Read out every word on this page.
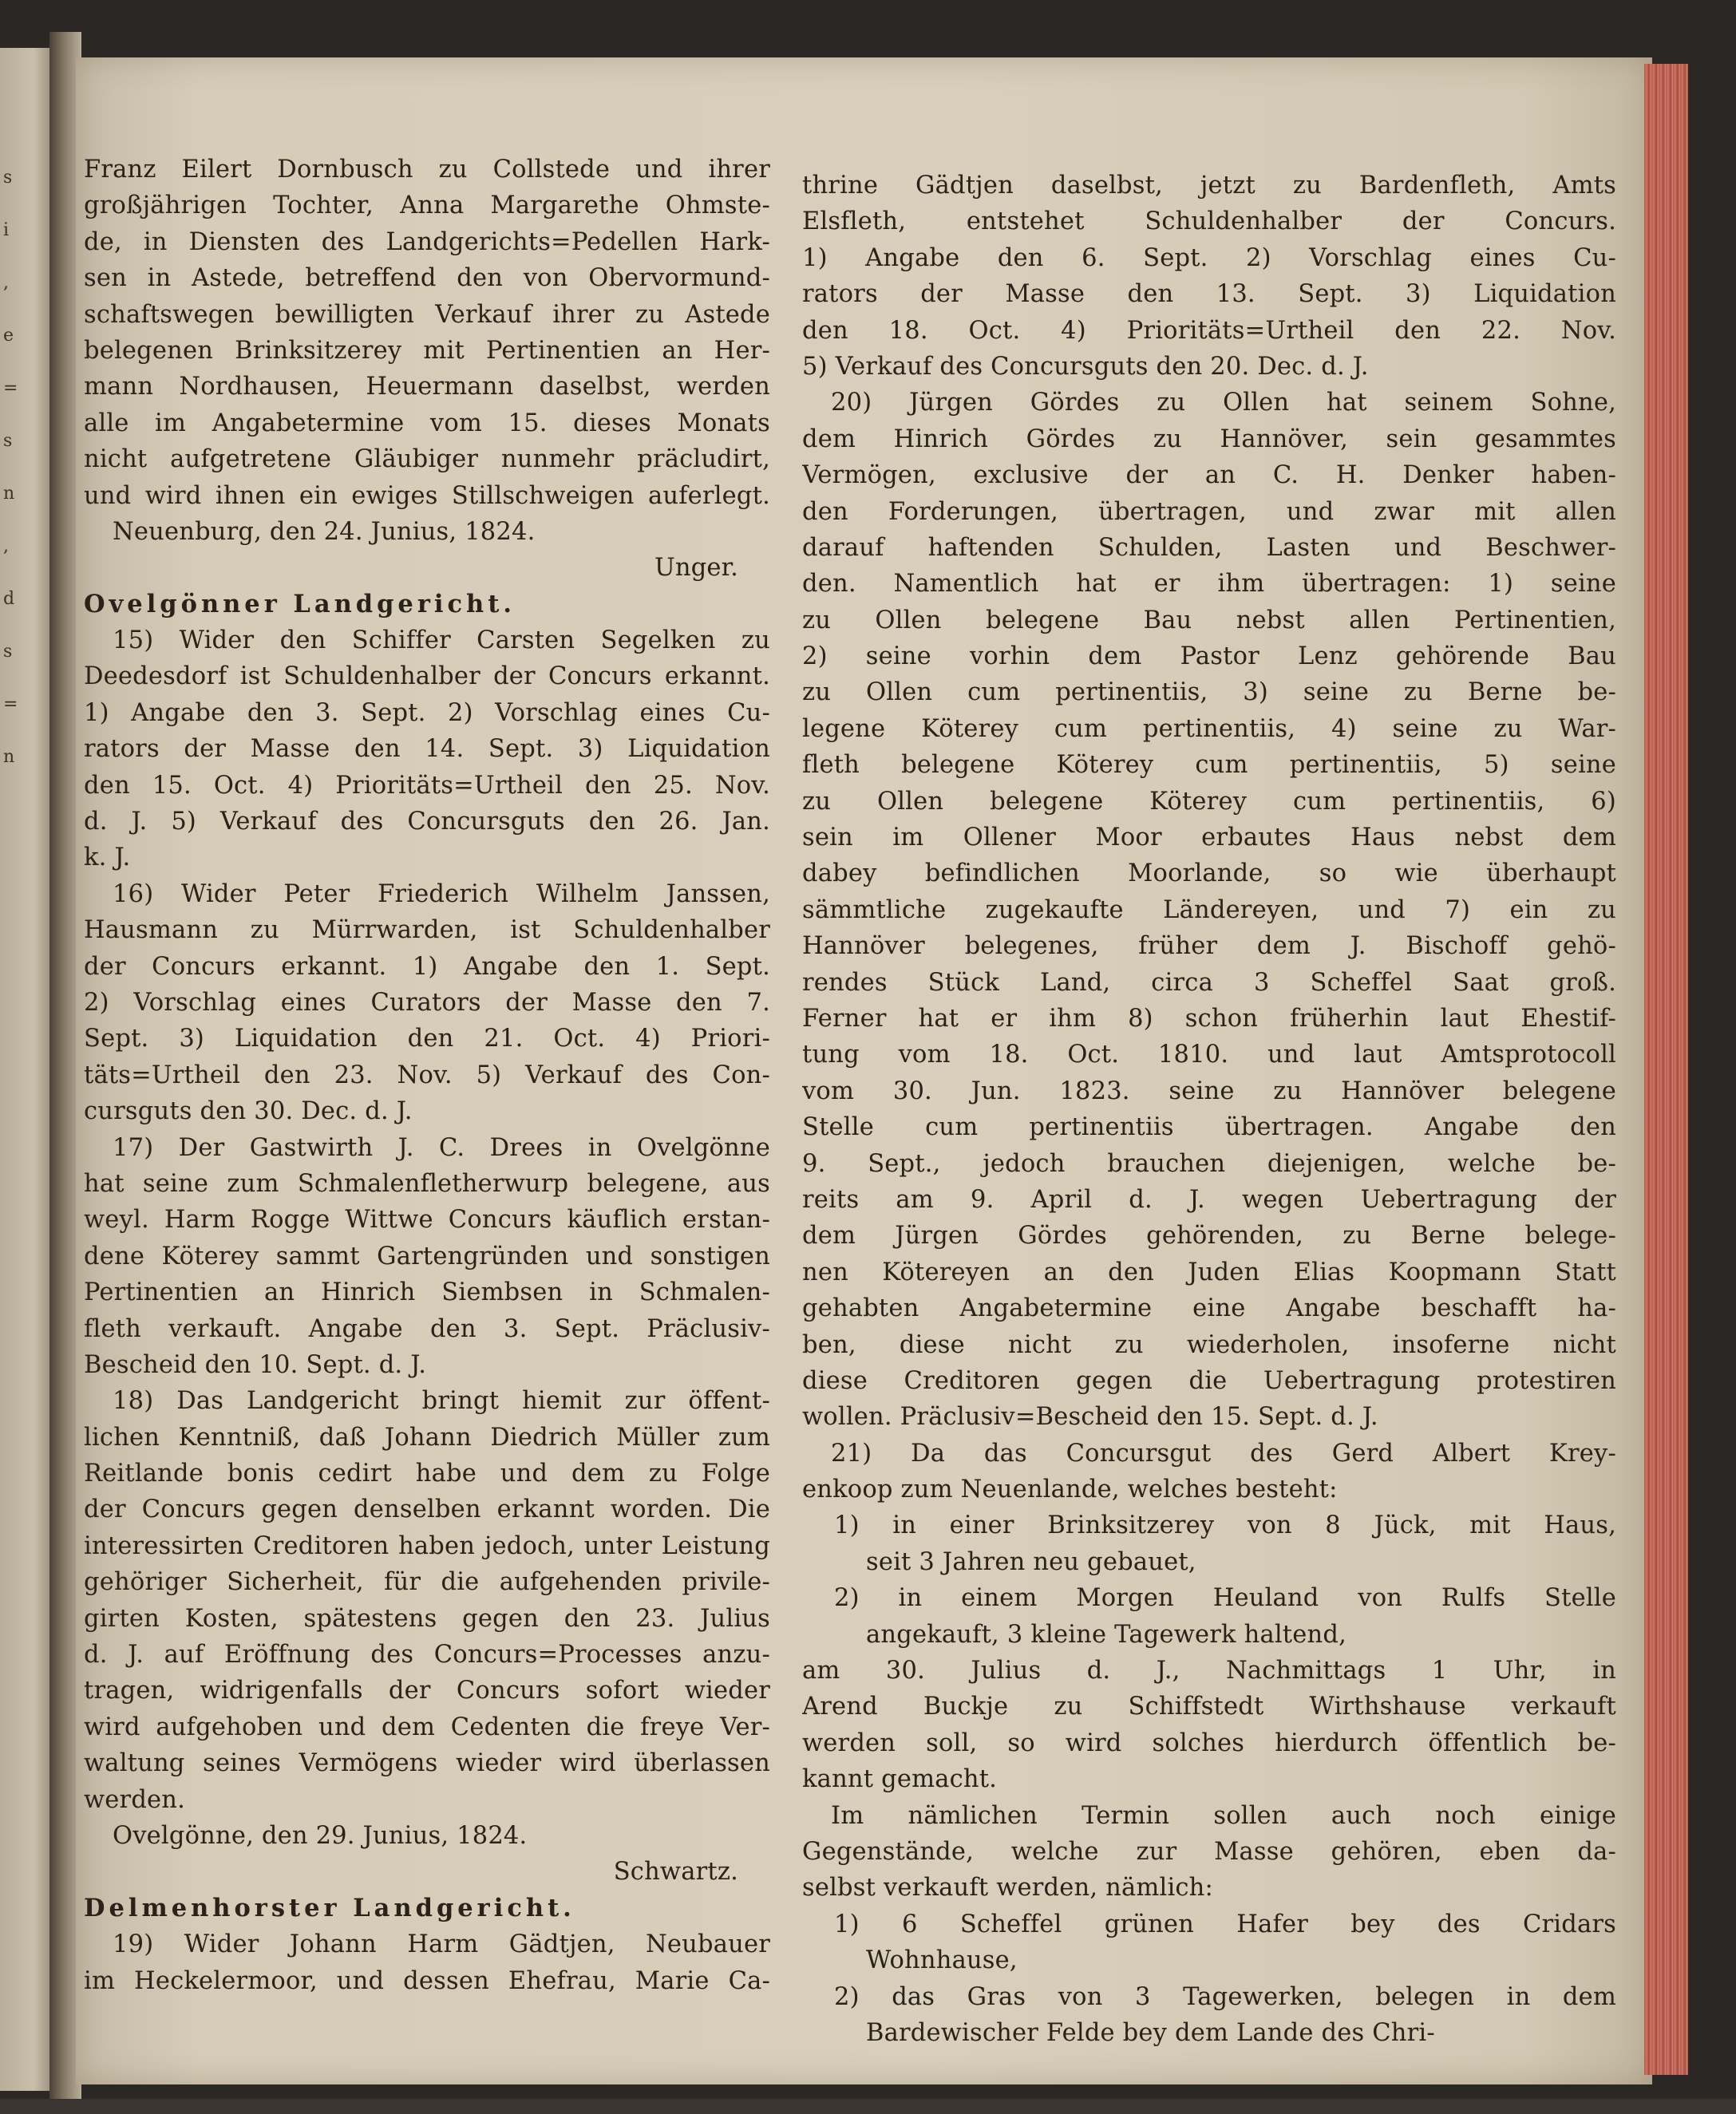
s
i
,
e
=
s
n
,
d
s
=
n
Franz Eilert Dornbusch zu Collstede und ihrer
großjährigen Tochter, Anna Margarethe Ohmste-
de, in Diensten des Landgerichts=Pedellen Hark-
sen in Astede, betreffend den von Obervormund-
schaftswegen bewilligten Verkauf ihrer zu Astede
belegenen Brinksitzerey mit Pertinentien an Her-
mann Nordhausen, Heuermann daselbst, werden
alle im Angabetermine vom 15. dieses Monats
nicht aufgetretene Gläubiger nunmehr präcludirt,
und wird ihnen ein ewiges Stillschweigen auferlegt.
Neuenburg, den 24. Junius, 1824.
Unger.
Ovelgönner Landgericht.
15) Wider den Schiffer Carsten Segelken zu
Deedesdorf ist Schuldenhalber der Concurs erkannt.
1) Angabe den 3. Sept. 2) Vorschlag eines Cu-
rators der Masse den 14. Sept. 3) Liquidation
den 15. Oct. 4) Prioritäts=Urtheil den 25. Nov.
d. J. 5) Verkauf des Concursguts den 26. Jan.
k. J.
16) Wider Peter Friederich Wilhelm Janssen,
Hausmann zu Mürrwarden, ist Schuldenhalber
der Concurs erkannt. 1) Angabe den 1. Sept.
2) Vorschlag eines Curators der Masse den 7.
Sept. 3) Liquidation den 21. Oct. 4) Priori-
täts=Urtheil den 23. Nov. 5) Verkauf des Con-
cursguts den 30. Dec. d. J.
17) Der Gastwirth J. C. Drees in Ovelgönne
hat seine zum Schmalenfletherwurp belegene, aus
weyl. Harm Rogge Wittwe Concurs käuflich erstan-
dene Köterey sammt Gartengründen und sonstigen
Pertinentien an Hinrich Siembsen in Schmalen-
fleth verkauft. Angabe den 3. Sept. Präclusiv-
Bescheid den 10. Sept. d. J.
18) Das Landgericht bringt hiemit zur öffent-
lichen Kenntniß, daß Johann Diedrich Müller zum
Reitlande bonis cedirt habe und dem zu Folge
der Concurs gegen denselben erkannt worden. Die
interessirten Creditoren haben jedoch, unter Leistung
gehöriger Sicherheit, für die aufgehenden privile-
girten Kosten, spätestens gegen den 23. Julius
d. J. auf Eröffnung des Concurs=Processes anzu-
tragen, widrigenfalls der Concurs sofort wieder
wird aufgehoben und dem Cedenten die freye Ver-
waltung seines Vermögens wieder wird überlassen
werden.
Ovelgönne, den 29. Junius, 1824.
Schwartz.
Delmenhorster Landgericht.
19) Wider Johann Harm Gädtjen, Neubauer
im Heckelermoor, und dessen Ehefrau, Marie Ca-
thrine Gädtjen daselbst, jetzt zu Bardenfleth, Amts
Elsfleth, entstehet Schuldenhalber der Concurs.
1) Angabe den 6. Sept. 2) Vorschlag eines Cu-
rators der Masse den 13. Sept. 3) Liquidation
den 18. Oct. 4) Prioritäts=Urtheil den 22. Nov.
5) Verkauf des Concursguts den 20. Dec. d. J.
20) Jürgen Gördes zu Ollen hat seinem Sohne,
dem Hinrich Gördes zu Hannöver, sein gesammtes
Vermögen, exclusive der an C. H. Denker haben-
den Forderungen, übertragen, und zwar mit allen
darauf haftenden Schulden, Lasten und Beschwer-
den. Namentlich hat er ihm übertragen: 1) seine
zu Ollen belegene Bau nebst allen Pertinentien,
2) seine vorhin dem Pastor Lenz gehörende Bau
zu Ollen cum pertinentiis, 3) seine zu Berne be-
legene Köterey cum pertinentiis, 4) seine zu War-
fleth belegene Köterey cum pertinentiis, 5) seine
zu Ollen belegene Köterey cum pertinentiis, 6)
sein im Ollener Moor erbautes Haus nebst dem
dabey befindlichen Moorlande, so wie überhaupt
sämmtliche zugekaufte Ländereyen, und 7) ein zu
Hannöver belegenes, früher dem J. Bischoff gehö-
rendes Stück Land, circa 3 Scheffel Saat groß.
Ferner hat er ihm 8) schon früherhin laut Ehestif-
tung vom 18. Oct. 1810. und laut Amtsprotocoll
vom 30. Jun. 1823. seine zu Hannöver belegene
Stelle cum pertinentiis übertragen. Angabe den
9. Sept., jedoch brauchen diejenigen, welche be-
reits am 9. April d. J. wegen Uebertragung der
dem Jürgen Gördes gehörenden, zu Berne belege-
nen Kötereyen an den Juden Elias Koopmann Statt
gehabten Angabetermine eine Angabe beschafft ha-
ben, diese nicht zu wiederholen, insoferne nicht
diese Creditoren gegen die Uebertragung protestiren
wollen. Präclusiv=Bescheid den 15. Sept. d. J.
21) Da das Concursgut des Gerd Albert Krey-
enkoop zum Neuenlande, welches besteht:
1) in einer Brinksitzerey von 8 Jück, mit Haus,
seit 3 Jahren neu gebauet,
2) in einem Morgen Heuland von Rulfs Stelle
angekauft, 3 kleine Tagewerk haltend,
am 30. Julius d. J., Nachmittags 1 Uhr, in
Arend Buckje zu Schiffstedt Wirthshause verkauft
werden soll, so wird solches hierdurch öffentlich be-
kannt gemacht.
Im nämlichen Termin sollen auch noch einige
Gegenstände, welche zur Masse gehören, eben da-
selbst verkauft werden, nämlich:
1) 6 Scheffel grünen Hafer bey des Cridars
Wohnhause,
2) das Gras von 3 Tagewerken, belegen in dem
Bardewischer Felde bey dem Lande des Chri-
